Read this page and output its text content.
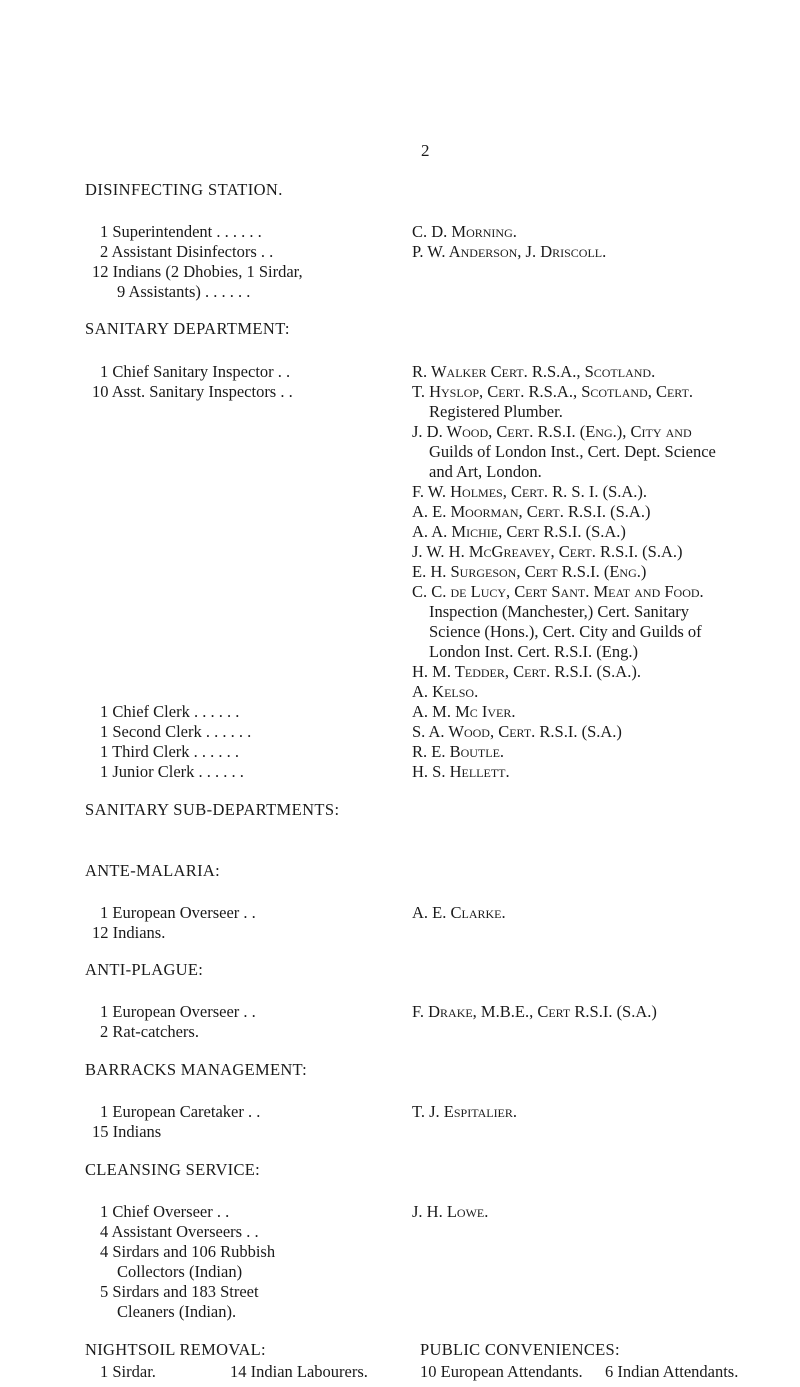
2
DISINFECTING STATION.
1 Superintendent . . . . . .	C. D. Morning.
2 Assistant Disinfectors . .	P. W. Anderson, J. Driscoll.
12 Indians (2 Dhobies, 1 Sirdar,
9 Assistants) . . . . . .
SANITARY DEPARTMENT:
1 Chief Sanitary Inspector . .	R. Walker Cert. R.S.A., Scotland.
10 Asst. Sanitary Inspectors . .	T. Hyslop, Cert. R.S.A., Scotland, Cert.
Registered Plumber.
J. D. Wood, Cert. R.S.I. (Eng.), City and
Guilds of London Inst., Cert. Dept. Science
and Art, London.
F. W. Holmes, Cert. R. S. I. (S.A.).
A. E. Moorman, Cert. R.S.I. (S.A.)
A. A. Michie, Cert R.S.I. (S.A.)
J. W. H. McGreavey, Cert. R.S.I. (S.A.)
E. H. Surgeson, Cert R.S.I. (Eng.)
C. C. de Lucy, Cert Sant. Meat and Food.
Inspection (Manchester,) Cert. Sanitary
Science (Hons.), Cert. City and Guilds of
London Inst. Cert. R.S.I. (Eng.)
H. M. Tedder, Cert. R.S.I. (S.A.).
A. Kelso.
1 Chief Clerk . . . . . .	A. M. Mc Iver.
1 Second Clerk . . . . . .	S. A. Wood, Cert. R.S.I. (S.A.)
1 Third Clerk . . . . . .	R. E. Boutle.
1 Junior Clerk . . . . . .	H. S. Hellett.
SANITARY SUB-DEPARTMENTS:
ANTE-MALARIA:
1 European Overseer . .	A. E. Clarke.
12 Indians.
ANTI-PLAGUE:
1 European Overseer . .	F. Drake, M.B.E., Cert R.S.I. (S.A.)
2 Rat-catchers.
BARRACKS MANAGEMENT:
1 European Caretaker . .	T. J. Espitalier.
15 Indians
CLEANSING SERVICE:
1 Chief Overseer . .	J. H. Lowe.
4 Assistant Overseers . .
4 Sirdars and 106 Rubbish
Collectors (Indian)
5 Sirdars and 183 Street
Cleaners (Indian).
NIGHTSOIL REMOVAL:
1 Sirdar.	14 Indian Labourers.
PUBLIC CONVENIENCES:
10 European Attendants.	6 Indian Attendants.
